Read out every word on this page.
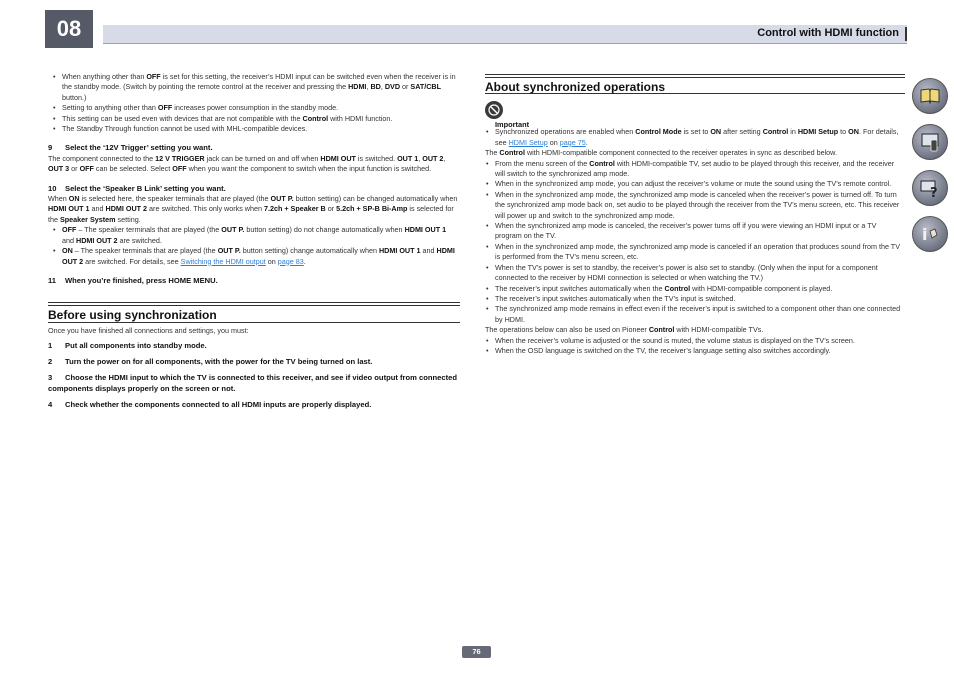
08	Control with HDMI function
• When anything other than OFF is set for this setting, the receiver’s HDMI input can be switched even when the receiver is in the standby mode. (Switch by pointing the remote control at the receiver and pressing the HDMI, BD, DVD or SAT/CBL button.)
• Setting to anything other than OFF increases power consumption in the standby mode.
• This setting can be used even with devices that are not compatible with the Control with HDMI function.
• The Standby Through function cannot be used with MHL-compatible devices.
9 Select the ‘12V Trigger’ setting you want.

The component connected to the 12 V TRIGGER jack can be turned on and off when HDMI OUT is switched. OUT 1, OUT 2, OUT 3 or OFF can be selected. Select OFF when you want the component to switch when the input function is switched.

10 Select the ‘Speaker B Link’ setting you want.

When ON is selected here, the speaker terminals that are played (the OUT P. button setting) can be changed automatically when HDMI OUT 1 and HDMI OUT 2 are switched. This only works when 7.2ch + Speaker B or 5.2ch + SP-B Bi-Amp is selected for the Speaker System setting.

• OFF – The speaker terminals that are played (the OUT P. button setting) do not change automatically when HDMI OUT 1 and HDMI OUT 2 are switched.
• ON – The speaker terminals that are played (the OUT P. button setting) change automatically when HDMI OUT 1 and HDMI OUT 2 are switched. For details, see Switching the HDMI output on page 83.
11 When you’re finished, press HOME MENU.
Before using synchronization

Once you have finished all connections and settings, you must:

1 Put all components into standby mode.
2 Turn the power on for all components, with the power for the TV being turned on last.
3 Choose the HDMI input to which the TV is connected to this receiver, and see if video output from connected components displays properly on the screen or not.
4 Check whether the components connected to all HDMI inputs are properly displayed.
About synchronized operations
Important
• Synchronized operations are enabled when Control Mode is set to ON after setting Control in HDMI Setup to ON. For details, see HDMI Setup on page 75.

The Control with HDMI-compatible component connected to the receiver operates in sync as described below.

• From the menu screen of the Control with HDMI-compatible TV, set audio to be played through this receiver, and the receiver will switch to the synchronized amp mode.
• When in the synchronized amp mode, you can adjust the receiver’s volume or mute the sound using the TV’s remote control.
• When in the synchronized amp mode, the synchronized amp mode is canceled when the receiver’s power is turned off. To turn the synchronized amp mode back on, set audio to be played through the receiver from the TV’s menu screen, etc. This receiver will power up and switch to the synchronized amp mode.
• When the synchronized amp mode is canceled, the receiver’s power turns off if you were viewing an HDMI input or a TV program on the TV.
• When in the synchronized amp mode, the synchronized amp mode is canceled if an operation that produces sound from the TV is performed from the TV’s menu screen, etc.
• When the TV’s power is set to standby, the receiver’s power is also set to standby. (Only when the input for a component connected to the receiver by HDMI connection is selected or when watching the TV.)
• The receiver’s input switches automatically when the Control with HDMI-compatible component is played.
• The receiver’s input switches automatically when the TV’s input is switched.
• The synchronized amp mode remains in effect even if the receiver’s input is switched to a component other than one connected by HDMI.

The operations below can also be used on Pioneer Control with HDMI-compatible TVs.

• When the receiver’s volume is adjusted or the sound is muted, the volume status is displayed on the TV’s screen.
• When the OSD language is switched on the TV, the receiver’s language setting also switches accordingly.
?
i
76
